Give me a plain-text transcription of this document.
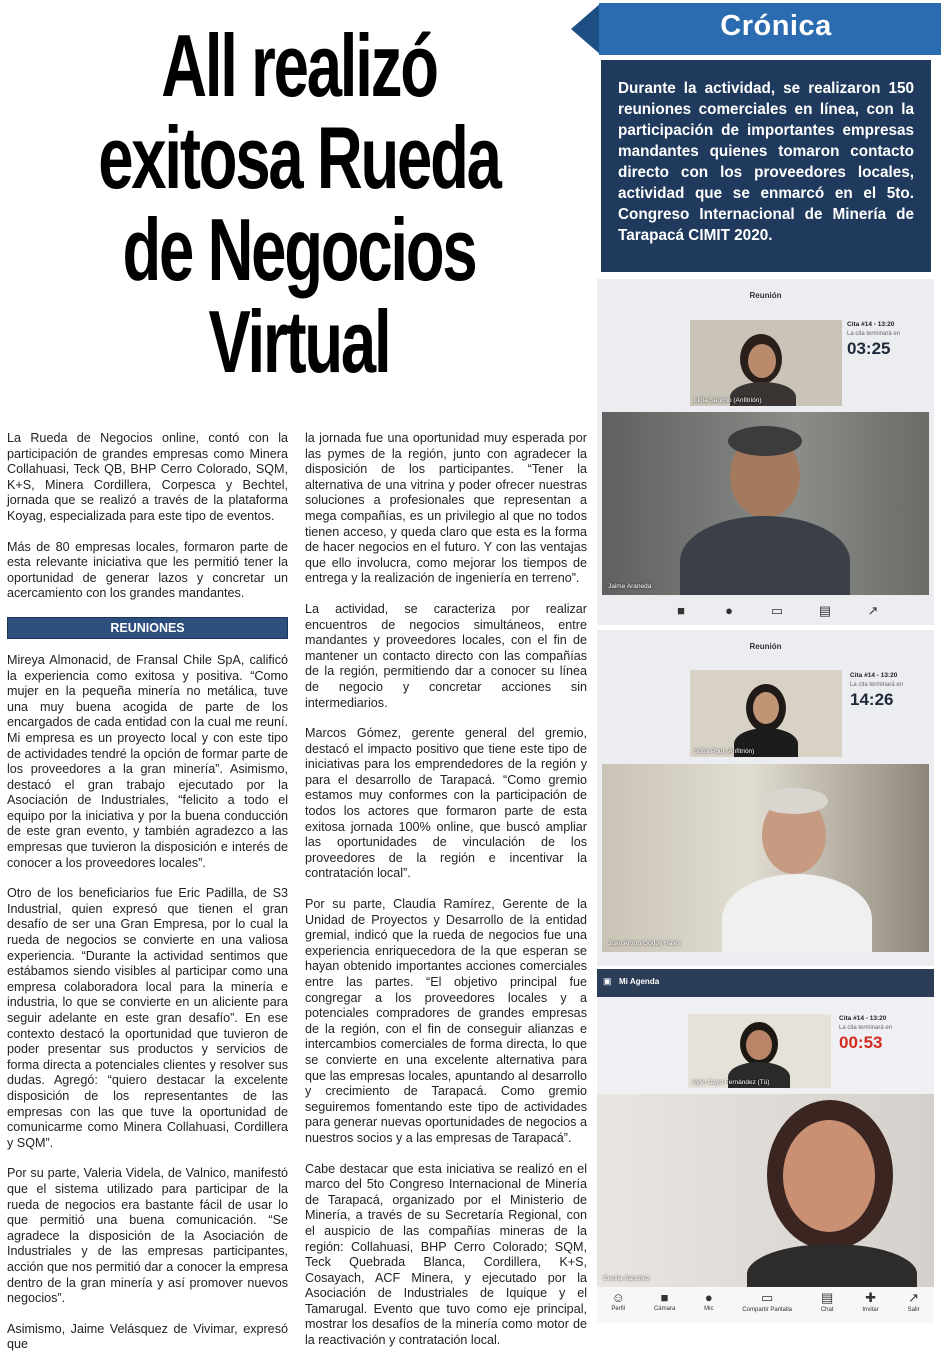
All realizó
exitosa Rueda
de Negocios
Virtual
Crónica
Durante la actividad, se realizaron 150 reuniones comerciales en línea, con la participación de importantes empresas mandantes quienes tomaron contacto directo con los proveedores locales, actividad que se enmarcó en el 5to. Congreso Internacional de Minería de Tarapacá CIMIT 2020.

La Rueda de Negocios online, contó con la participación de grandes empresas como Minera Collahuasi, Teck QB, BHP Cerro Colorado, SQM, K+S, Minera Cordillera, Corpesca y Bechtel, jornada que se realizó a través de la plataforma Koyag, especializada para este tipo de eventos.

Más de 80 empresas locales, formaron parte de esta relevante iniciativa que les permitió tener la oportunidad de generar lazos y concretar un acercamiento con los grandes mandantes.

REUNIONES

Mireya Almonacid, de Fransal Chile SpA, calificó la experiencia como exitosa y positiva. “Como mujer en la pequeña minería no metálica, tuve una muy buena acogida de parte de los encargados de cada entidad con la cual me reuní. Mi empresa es un proyecto local y con este tipo de actividades tendré la opción de formar parte de los proveedores a la gran minería”. Asimismo, destacó el gran trabajo ejecutado por la Asociación de Industriales, “felicito a todo el equipo por la iniciativa y por la buena conducción de este gran evento, y también agradezco a las empresas que tuvieron la disposición e interés de conocer a los proveedores locales”.

Otro de los beneficiarios fue Eric Padilla, de S3 Industrial, quien expresó que tienen el gran desafío de ser una Gran Empresa, por lo cual la rueda de negocios se convierte en una valiosa experiencia. “Durante la actividad sentimos que estábamos siendo visibles al participar como una empresa colaboradora local para la minería e industria, lo que se convierte en un aliciente para seguir adelante en este gran desafío”. En ese contexto destacó la oportunidad que tuvieron de poder presentar sus productos y servicios de forma directa a potenciales clientes y resolver sus dudas. Agregó: “quiero destacar la excelente disposición de los representantes de las empresas con las que tuve la oportunidad de comunicarme como Minera Collahuasi, Cordillera y SQM”.

Por su parte, Valeria Videla, de Valnico, manifestó que el sistema utilizado para participar de la rueda de negocios era bastante fácil de usar lo que permitió una buena comunicación. “Se agradece la disposición de la Asociación de Industriales y de las empresas participantes, acción que nos permitió dar a conocer la empresa dentro de la gran minería y así promover nuevos negocios”.

Asimismo, Jaime Velásquez de Vivimar, expresó que

la jornada fue una oportunidad muy esperada por las pymes de la región, junto con agradecer la disposición de los participantes. “Tener la alternativa de una vitrina y poder ofrecer nuestras soluciones a profesionales que representan a mega compañías, es un privilegio al que no todos tienen acceso, y queda claro que esta es la forma de hacer negocios en el futuro. Y con las ventajas que ello involucra, como mejorar los tiempos de entrega y la realización de ingeniería en terreno”.

La actividad, se caracteriza por realizar encuentros de negocios simultáneos, entre mandantes y proveedores locales, con el fin de mantener un contacto directo con las compañías de la región, permitiendo dar a conocer su línea de negocio y concretar acciones sin intermediarios.

Marcos Gómez, gerente general del gremio, destacó el impacto positivo que tiene este tipo de iniciativas para los emprendedores de la región y para el desarrollo de Tarapacá. “Como gremio estamos muy conformes con la participación de todos los actores que formaron parte de esta exitosa jornada 100% online, que buscó ampliar las oportunidades de vinculación de los proveedores de la región e incentivar la contratación local”.

Por su parte, Claudia Ramírez, Gerente de la Unidad de Proyectos y Desarrollo de la entidad gremial, indicó que la rueda de negocios fue una experiencia enriquecedora de la que esperan se hayan obtenido importantes acciones comerciales entre las partes. “El objetivo principal fue congregar a los proveedores locales y a potenciales compradores de grandes empresas de la región, con el fin de conseguir alianzas e intercambios comerciales de forma directa, lo que se convierte en una excelente alternativa para que las empresas locales, apuntando al desarrollo y crecimiento de Tarapacá. Como gremio seguiremos fomentando este tipo de actividades para generar nuevas oportunidades de negocios a nuestros socios y a las empresas de Tarapacá”.

Cabe destacar que esta iniciativa se realizó en el marco del 5to Congreso Internacional de Minería de Tarapacá, organizado por el Ministerio de Minería, a través de su Secretaría Regional, con el auspicio de las compañías mineras de la región: Collahuasi, BHP Cerro Colorado; SQM, Teck Quebrada Blanca, Cordillera, K+S, Cosayach, ACF Minera, y ejecutado por la Asociación de Industriales de Iquique y el Tamarugal. Evento que tuvo como eje principal, mostrar los desafíos de la minería como motor de la reactivación y contratación local.

Reunión
Lidia Sancho (Anfitrión)
Cita #14 - 13:20
La cita terminará en
03:25
Jaime Araneda
■	●	▭	▤	↗
Reunión
Sofía Pout (Anfitrión)
Cita #14 - 13:20
La cita terminará en
14:26
Juan Arturo Godoy Hales
▣ Mi Agenda
Aylin Cayo Fernández (Tú)
Cita #14 - 13:20
La cita terminará en
00:53
Cecilia Sánchez
☺
Perfil
■
Cámara
●
Mic
▭
Compartir Pantalla
▤
Chat
✚
Invitar
↗
Salir
